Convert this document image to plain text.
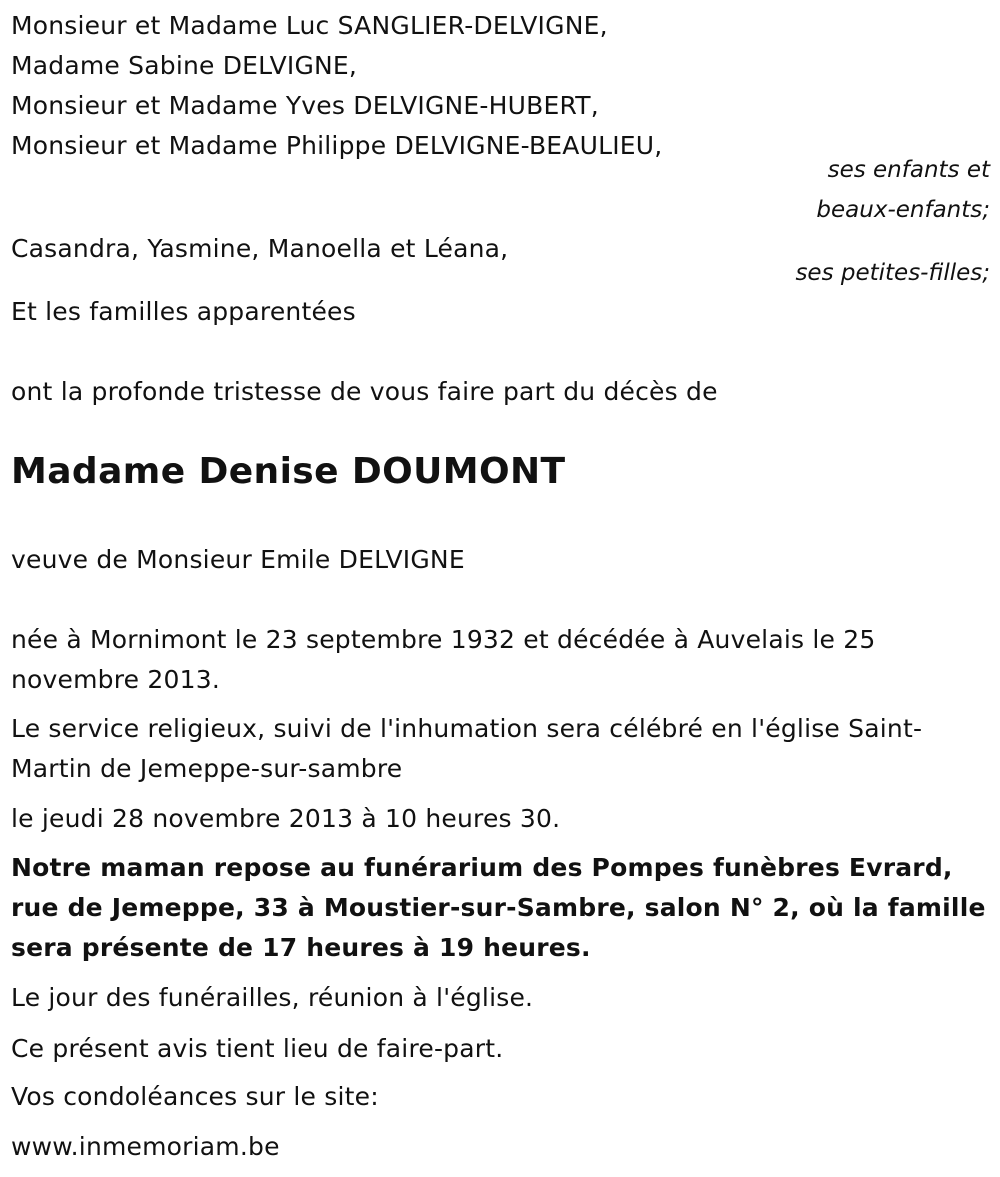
Monsieur et Madame Luc SANGLIER-DELVIGNE,
Madame Sabine DELVIGNE,
Monsieur et Madame Yves DELVIGNE-HUBERT,
Monsieur et Madame Philippe DELVIGNE-BEAULIEU,
ses enfants et
beaux-enfants;
Casandra, Yasmine, Manoella et Léana,
ses petites-filles;
Et les familles apparentées
ont la profonde tristesse de vous faire part du décès de
Madame Denise DOUMONT
veuve de Monsieur Emile DELVIGNE
née à Mornimont le 23 septembre 1932 et décédée à Auvelais le 25 novembre 2013.
Le service religieux, suivi de l'inhumation sera célébré en l'église Saint-Martin de Jemeppe-sur-sambre
le jeudi 28 novembre 2013 à 10 heures 30.
Notre maman repose au funérarium des Pompes funèbres Evrard, rue de Jemeppe, 33 à Moustier-sur-Sambre, salon N° 2, où la famille sera présente de 17 heures à 19 heures.
Le jour des funérailles, réunion à l'église.
Ce présent avis tient lieu de faire-part.
Vos condoléances sur le site:
www.inmemoriam.be
